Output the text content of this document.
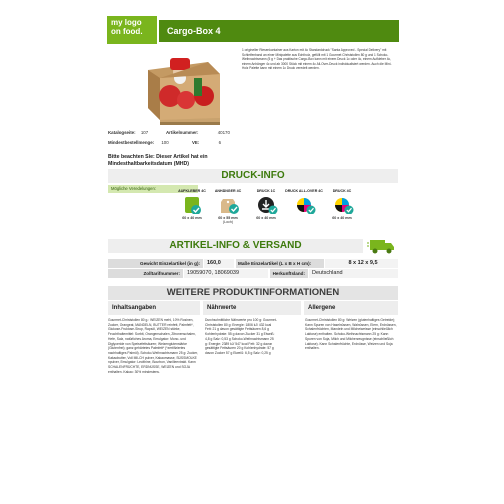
my logo
on food.	Cargo-Box 4
1 origineller Riesenkontainer aus Karton mit 4c Standarddruck "Santa Approved - Special Delivery" mit Schleifenband an einer Minipalette aus Echtholz, gefüllt mit 1 Gourmet Christstollen 80 g und 1 Schoko-Weihnachtsmann (5 g + Das praktische Cargo-Box kann mit einem Druck 1c oder 4c, einem Aufkleber 4c, einem Anhänger 4c und ab 3000 Stück mit einem 4c All-Over-Druck individualisiert werden. Auch die Mini-Holz Palette kann mit einem 1c Druck veredelt werden.
Katalogseite: 107	Artikelnummer:	40170
Mindestbestellmenge: 100	VE:	6
Bitte beachten Sie: Dieser Artikel hat ein Mindesthaltbarkeitsdatum (MHD)
DRUCK-INFO
Mögliche Veredelungen:	AUFKLEBER 4C
60 x 40 mm
ANHÄNGER 4C
60 x 55 mm
(Loch)
DRUCK 1C
60 x 40 mm
DRUCK ALL-OVER 4C	DRUCK 4C
60 x 40 mm
ARTIKEL-INFO & VERSAND
Gewicht Einzelartikel (in g):	160,0	Maße Einzelartikel (L x B x H cm):	8 x 12 x 9,5
Zolltarifnummer:	19059070, 18069039	Herkunftsland:	Deutschland
WEITERE PRODUKTINFORMATIONEN
Inhaltsangaben	Nährwerte	Allergene
Gourmet-Christstollen 80 g.: WEIZEN mehl, 10% Rosinen, Zucker, Orangeat, MANDELN, BUTTER reinfett, Palmfett*, Glukose-Fruktose-Sirup, Rapsöl, WEIZEN stärke, Feuchthaltemittel: Sorbit, Orangenschalen, Zitronenschalen, Hefe, Salz, natürliches Aroma, Emulgator: Mono- und Diglyceride von Speisefettsäuren; Weizenglutenstärke (Glutenfrei); ganz gehärtetes Palmfett* (*zertifiziertes nachhaltiges Palmöl). Schoko-Weihnachtsmann 25 g: Zucker, Kakaobutter, Voll MILCH pulver, Kakaomasse, SÜSSMOLKE npulver, Emulgator: Lecithine, Bourbon, Vanilleextrakt. Kann SCHALENFRÜCHTE, ERDNÜSSE, WEIZEN und SOJA enthalten. Kakao: 30% mindestens.
Durchschnittliche Nährwerte pro 100 g: Gourmet-Christstollen 80 g: Energie: 1806 kJ/ 432 kcal Fett: 21 g davon gesättigte Fettsäuren 8,6 g Kohlenhydrate: 55 g davon Zucker 31 g Eiweiß: 4,8 g Salz: 0,53 g Schoko-Weihnachtsmann 25 g: Energie: 2389 kJ/ 547 kcal Fett: 32 g davon gesättigte Fettsäuren 20 g Kohlenhydrate: 57 g davon Zucker 57 g Eiweiß: 6,5 g Salz: 0,25 g
Gourmet-Christstollen 80 g: Weizen (glutenhaltiges Getreide); Kann Spuren von Haselnüssen, Walnüssen, Eiern, Erdnüssen, Schalenfrüchten, Mandeln und Milcheiweisse (einschließlich Laktose) enthalten. Schoko-Weihnachtsmann 25 g: Kann Spuren von Soja, Milch und Milcherzeugnisse (einschließlich Laktose). Kann Schalenfrüchte, Erdnüsse, Weizen und Soja enthalten.
